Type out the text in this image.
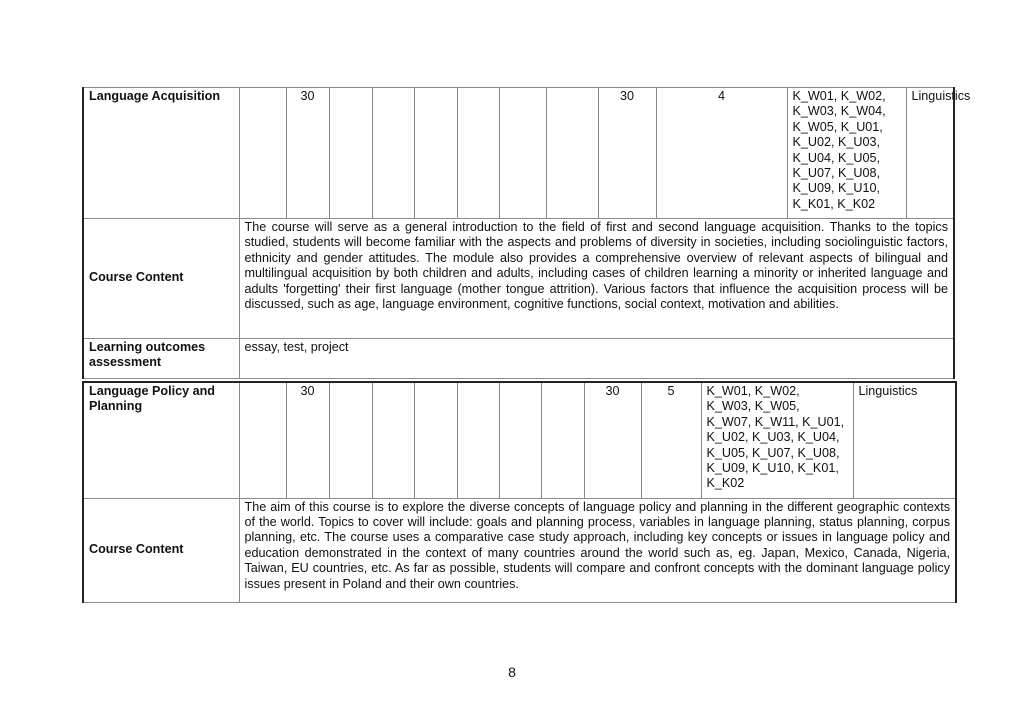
Language Acquisition		30							30	4	K_W01, K_W02, K_W03, K_W04, K_W05, K_U01, K_U02, K_U03, K_U04, K_U05, K_U07, K_U08, K_U09, K_U10, K_K01, K_K02	Linguistics
Course Content	The course will serve as a general introduction to the field of first and second language acquisition. Thanks to the topics studied, students will become familiar with the aspects and problems of diversity in societies, including sociolinguistic factors, ethnicity and gender attitudes. The module also provides a comprehensive overview of relevant aspects of bilingual and multilingual acquisition by both children and adults, including cases of children learning a minority or inherited language and adults 'forgetting' their first language (mother tongue attrition). Various factors that influence the acquisition process will be discussed, such as age, language environment, cognitive functions, social context, motivation and abilities.											
Learning outcomes assessment	essay, test, project											
Language Policy and Planning		30							30	5	K_W01, K_W02, K_W03, K_W05, K_W07, K_W11, K_U01, K_U02, K_U03, K_U04, K_U05, K_U07, K_U08, K_U09, K_U10, K_K01, K_K02	Linguistics
Course Content	The aim of this course is to explore the diverse concepts of language policy and planning in the different geographic contexts of the world. Topics to cover will include: goals and planning process, variables in language planning, status planning, corpus planning, etc. The course uses a comparative case study approach, including key concepts or issues in language policy and education demonstrated in the context of many countries around the world such as, eg. Japan, Mexico, Canada, Nigeria, Taiwan, EU countries, etc. As far as possible, students will compare and confront concepts with the dominant language policy issues present in Poland and their own countries.											
8
